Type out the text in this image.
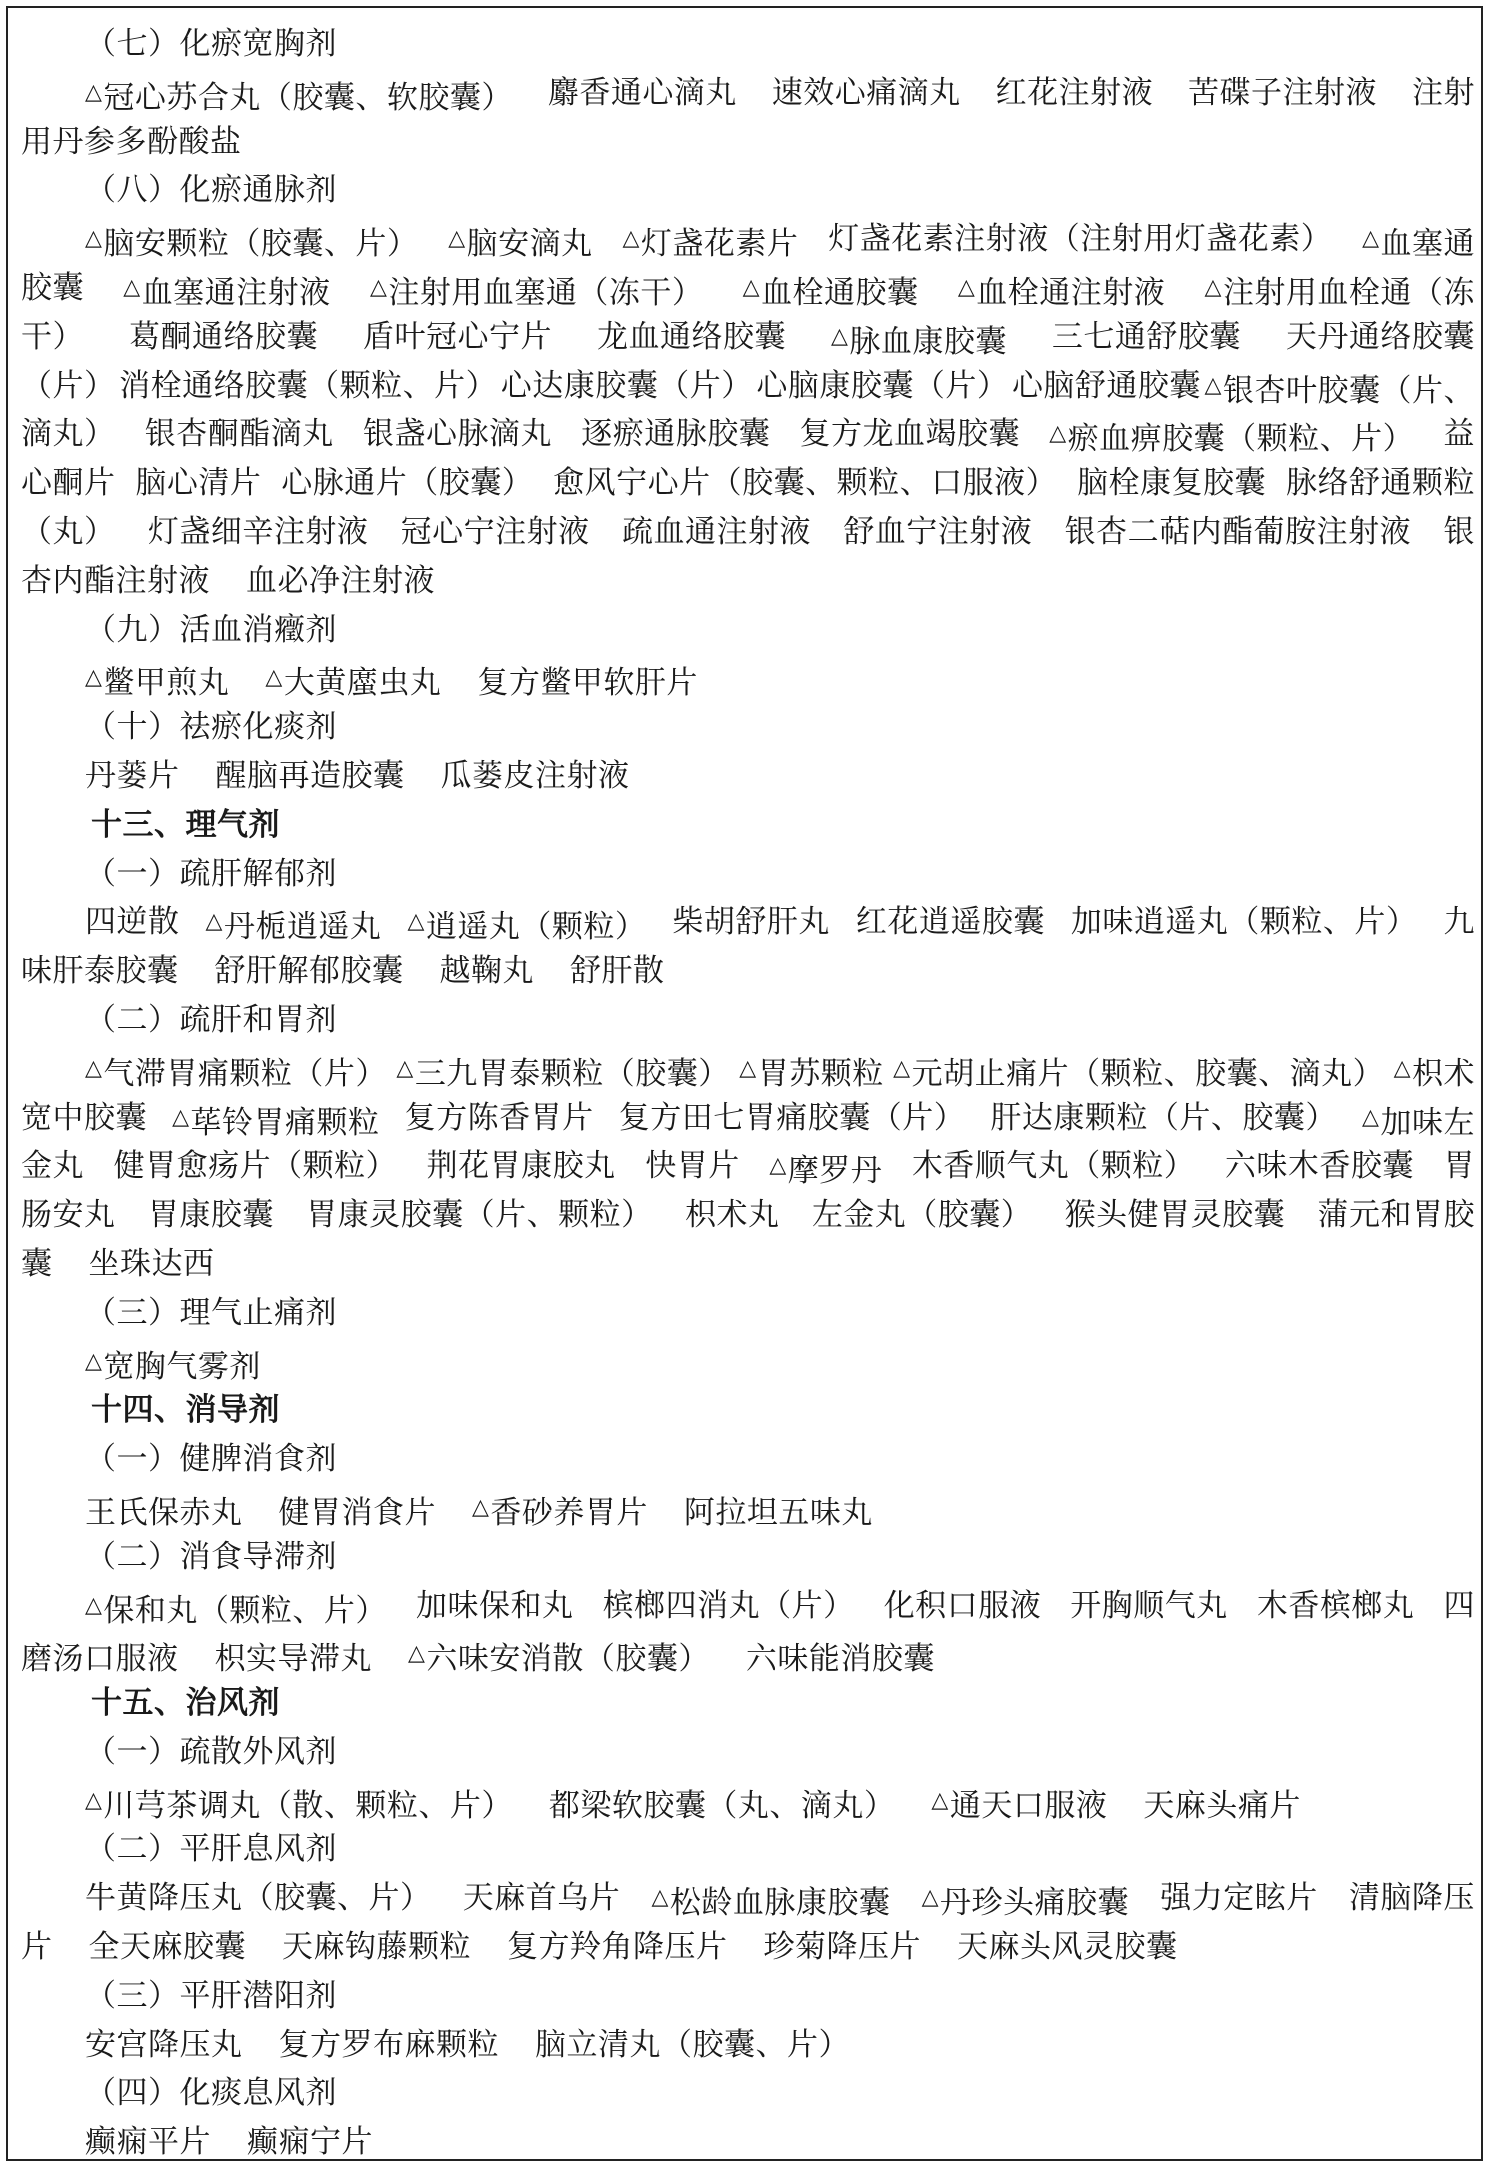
（七）化瘀宽胸剂
△冠心苏合丸（胶囊、软胶囊） 麝香通心滴丸 速效心痛滴丸 红花注射液 苦碟子注射液 注射
用丹参多酚酸盐
（八）化瘀通脉剂
△脑安颗粒（胶囊、片） △脑安滴丸 △灯盏花素片 灯盏花素注射液（注射用灯盏花素） △血塞通
胶囊 △血塞通注射液 △注射用血塞通（冻干） △血栓通胶囊 △血栓通注射液 △注射用血栓通（冻
干） 葛酮通络胶囊 盾叶冠心宁片 龙血通络胶囊 △脉血康胶囊 三七通舒胶囊 天丹通络胶囊
（片） 消栓通络胶囊（颗粒、片） 心达康胶囊（片） 心脑康胶囊（片） 心脑舒通胶囊 △银杏叶胶囊（片、
滴丸） 银杏酮酯滴丸 银盏心脉滴丸 逐瘀通脉胶囊 复方龙血竭胶囊 △瘀血痹胶囊（颗粒、片） 益
心酮片 脑心清片 心脉通片（胶囊） 愈风宁心片（胶囊、颗粒、口服液） 脑栓康复胶囊 脉络舒通颗粒
（丸） 灯盏细辛注射液 冠心宁注射液 疏血通注射液 舒血宁注射液 银杏二萜内酯葡胺注射液 银
杏内酯注射液 血必净注射液
（九）活血消癥剂
△鳖甲煎丸 △大黄䗪虫丸 复方鳖甲软肝片
（十）祛瘀化痰剂
丹蒌片 醒脑再造胶囊 瓜蒌皮注射液
十三、理气剂
（一）疏肝解郁剂
四逆散 △丹栀逍遥丸 △逍遥丸（颗粒） 柴胡舒肝丸 红花逍遥胶囊 加味逍遥丸（颗粒、片） 九
味肝泰胶囊 舒肝解郁胶囊 越鞠丸 舒肝散
（二）疏肝和胃剂
△气滞胃痛颗粒（片） △三九胃泰颗粒（胶囊） △胃苏颗粒 △元胡止痛片（颗粒、胶囊、滴丸） △枳术
宽中胶囊 △荜铃胃痛颗粒 复方陈香胃片 复方田七胃痛胶囊（片） 肝达康颗粒（片、胶囊） △加味左
金丸 健胃愈疡片（颗粒） 荆花胃康胶丸 快胃片 △摩罗丹 木香顺气丸（颗粒） 六味木香胶囊 胃
肠安丸 胃康胶囊 胃康灵胶囊（片、颗粒） 枳术丸 左金丸（胶囊） 猴头健胃灵胶囊 蒲元和胃胶
囊 坐珠达西
（三）理气止痛剂
△宽胸气雾剂
十四、消导剂
（一）健脾消食剂
王氏保赤丸 健胃消食片 △香砂养胃片 阿拉坦五味丸
（二）消食导滞剂
△保和丸（颗粒、片） 加味保和丸 槟榔四消丸（片） 化积口服液 开胸顺气丸 木香槟榔丸 四
磨汤口服液 枳实导滞丸 △六味安消散（胶囊） 六味能消胶囊
十五、治风剂
（一）疏散外风剂
△川芎茶调丸（散、颗粒、片） 都梁软胶囊（丸、滴丸） △通天口服液 天麻头痛片
（二）平肝息风剂
牛黄降压丸（胶囊、片） 天麻首乌片 △松龄血脉康胶囊 △丹珍头痛胶囊 强力定眩片 清脑降压
片 全天麻胶囊 天麻钩藤颗粒 复方羚角降压片 珍菊降压片 天麻头风灵胶囊
（三）平肝潜阳剂
安宫降压丸 复方罗布麻颗粒 脑立清丸（胶囊、片）
（四）化痰息风剂
癫痫平片 癫痫宁片
